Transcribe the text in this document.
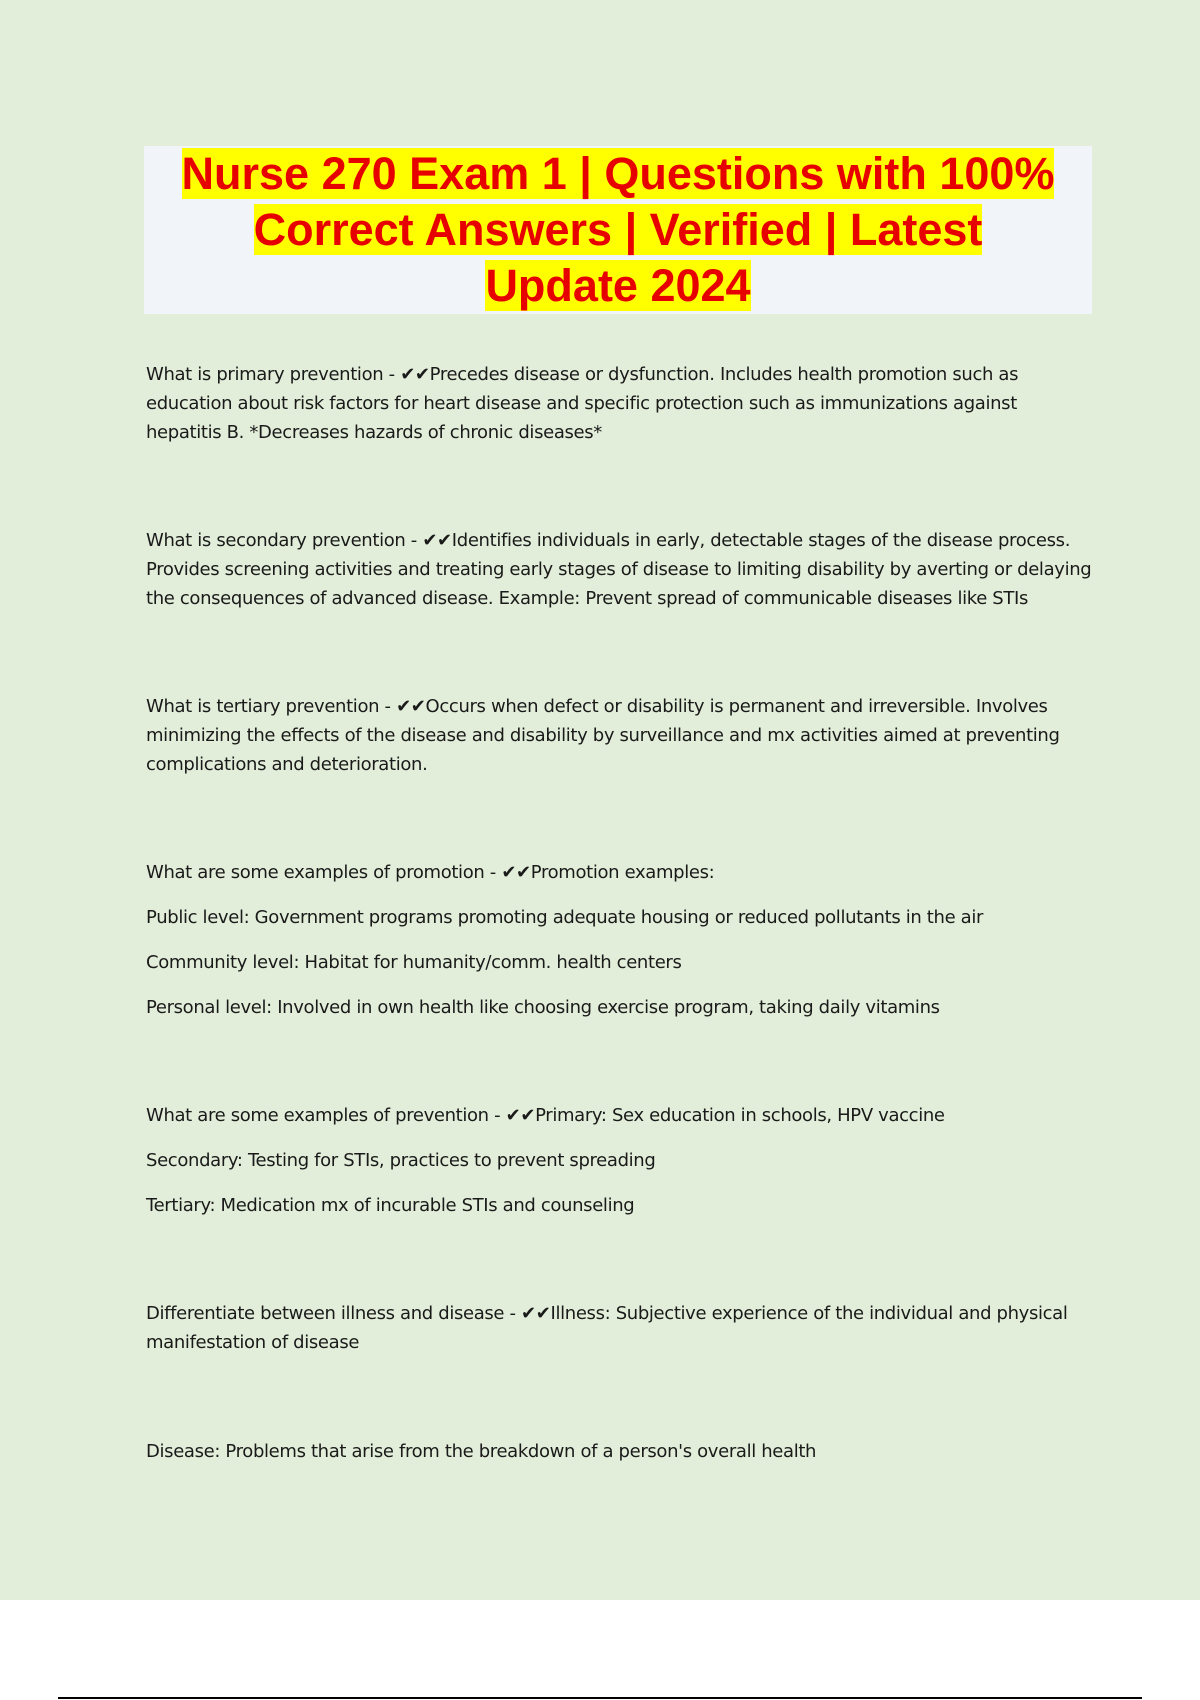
Nurse 270 Exam 1 | Questions with 100%

Correct Answers | Verified | Latest

Update 2024

What is primary prevention - ✔✔Precedes disease or dysfunction. Includes health promotion such as education about risk factors for heart disease and specific protection such as immunizations against hepatitis B. *Decreases hazards of chronic diseases*

What is secondary prevention - ✔✔Identifies individuals in early, detectable stages of the disease process. Provides screening activities and treating early stages of disease to limiting disability by averting or delaying the consequences of advanced disease. Example: Prevent spread of communicable diseases like STIs

What is tertiary prevention - ✔✔Occurs when defect or disability is permanent and irreversible. Involves minimizing the effects of the disease and disability by surveillance and mx activities aimed at preventing complications and deterioration.

What are some examples of promotion - ✔✔Promotion examples:

Public level: Government programs promoting adequate housing or reduced pollutants in the air

Community level: Habitat for humanity/comm. health centers

Personal level: Involved in own health like choosing exercise program, taking daily vitamins

What are some examples of prevention - ✔✔Primary: Sex education in schools, HPV vaccine

Secondary: Testing for STIs, practices to prevent spreading

Tertiary: Medication mx of incurable STIs and counseling

Differentiate between illness and disease - ✔✔Illness: Subjective experience of the individual and physical manifestation of disease

Disease: Problems that arise from the breakdown of a person's overall health
